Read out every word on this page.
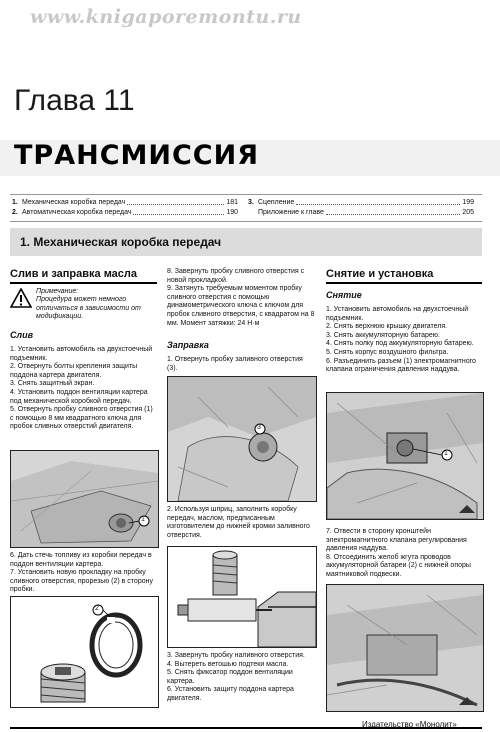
www.knigaporemontu.ru
Глава 11
ТРАНСМИССИЯ
1. Механическая коробка передач	181
2. Автоматическая коробка передач	190
3. Сцепление	199
Приложение к главе	205
1. Механическая коробка передач
Слив и заправка масла

Примечание:

Процедура может немного отличаться в зависимости от модификации.

Слив

1. Установить автомобиль на двухстоечный подъемник.

2. Отвернуть болты крепления защиты поддона картера двигателя.

3. Снять защитный экран.

4. Установить поддон вентиляции картера под механической коробкой передач.

5. Отвернуть пробку сливного отверстия (1) с помощью 8 мм квадратного ключа для пробок сливных отверстий двигателя.

1

6. Дать стечь топливу из коробки передач в поддон вентиляции картера.

7. Установить новую прокладку на пробку сливного отверстия, прорезью (2) в сторону пробки.

2

8. Завернуть пробку сливного отверстия с новой прокладкой.

9. Затянуть требуемым моментом пробку сливного отверстия с помощью динамометрического ключа с ключом для пробок сливного отверстия, с квадратом на 8 мм. Момент затяжки: 24 Н·м

Заправка

1. Отвернуть пробку заливного отверстия (3).

3

2. Используя шприц, заполнить коробку передач, маслом, предписанным изготовителем до нижней кромки заливного отверстия.

3. Завернуть пробку наливного отверстия.

4. Вытереть ветошью подтеки масла.

5. Снять фиксатор поддон вентиляции картера.

6. Установить защиту поддона картера двигателя.

Снятие и установка
Снятие

1. Установить автомобиль на двухстоечный подъемник.

2. Снять верхнюю крышку двигателя.

3. Снять аккумуляторную батарею.

4. Снять полку под аккумуляторную батарею.

5. Снять корпус воздушного фильтра.

6. Разъединить разъем (1) электромагнитного клапана ограничения давления наддува.

1

7. Отвести в сторону кронштейн электромагнитного клапана регулирования давления наддува.

8. Отсоединить желоб жгута проводов аккумуляторной батареи (2) с нижней опоры маятниковой подвески.

Издательство «Монолит»
